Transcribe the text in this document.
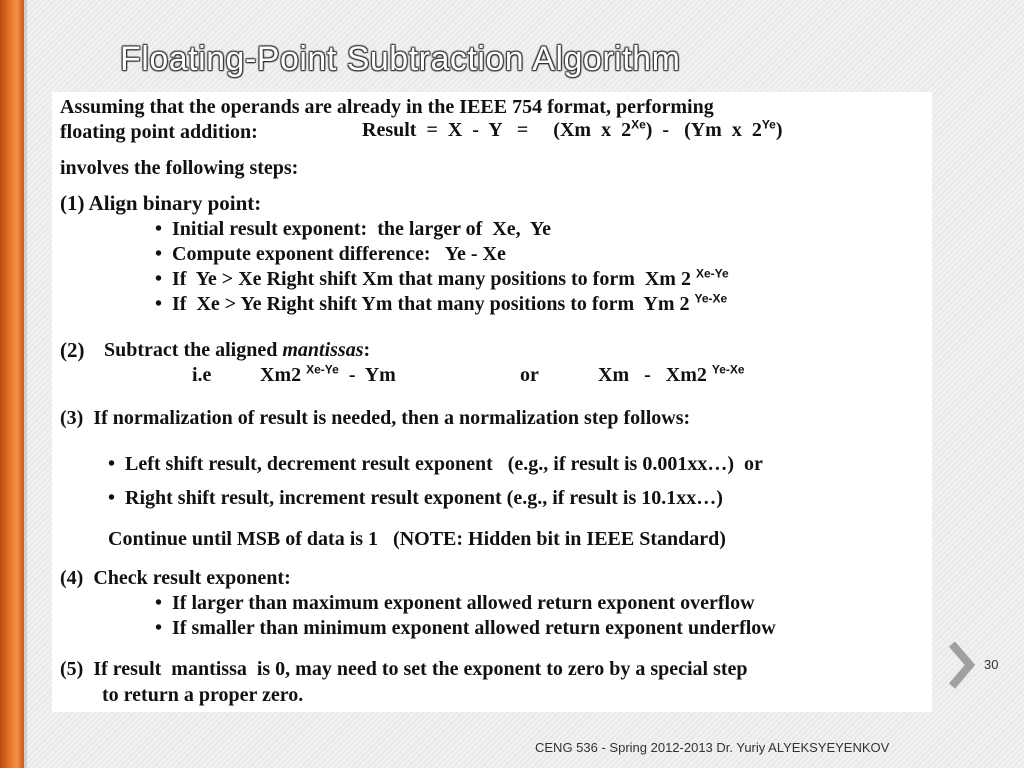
Floating-Point Subtraction Algorithm

Assuming that the operands are already in the IEEE 754 format, performing

floating point addition:	Result  =  X  -  Y   =     (Xm  x  $2^{Xe}) - (Ym$  x  $2^{Ye}$)

involves the following steps:

(1) Align binary point:

•  Initial result exponent:  the larger of  Xe,  Ye

•  Compute exponent difference:   Ye - Xe

•  If  Ye > Xe Right shift Xm that many positions to form  Xm 2 $^{Xe-Ye}$

•  If  Xe > Ye Right shift Ym that many positions to form  Ym 2 $^{Ye-Xe}$

(2) Subtract the aligned mantissas:

i.e Xm2 $^{Xe-Ye}$  -  Ym	or	Xm   -   Xm2 $^{Ye-Xe}$

(3)  If normalization of result is needed, then a normalization step follows:

•  Left shift result, decrement result exponent   (e.g., if result is 0.001xx…)  or

•  Right shift result, increment result exponent (e.g., if result is 10.1xx…)

Continue until MSB of data is 1   (NOTE: Hidden bit in IEEE Standard)

(4)  Check result exponent:

•  If larger than maximum exponent allowed return exponent overflow

•  If smaller than minimum exponent allowed return exponent underflow

(5)  If result  mantissa  is 0, may need to set the exponent to zero by a special step

to return a proper zero.

30
CENG 536 - Spring 2012-2013 Dr. Yuriy ALYEKSYEYENKOV
